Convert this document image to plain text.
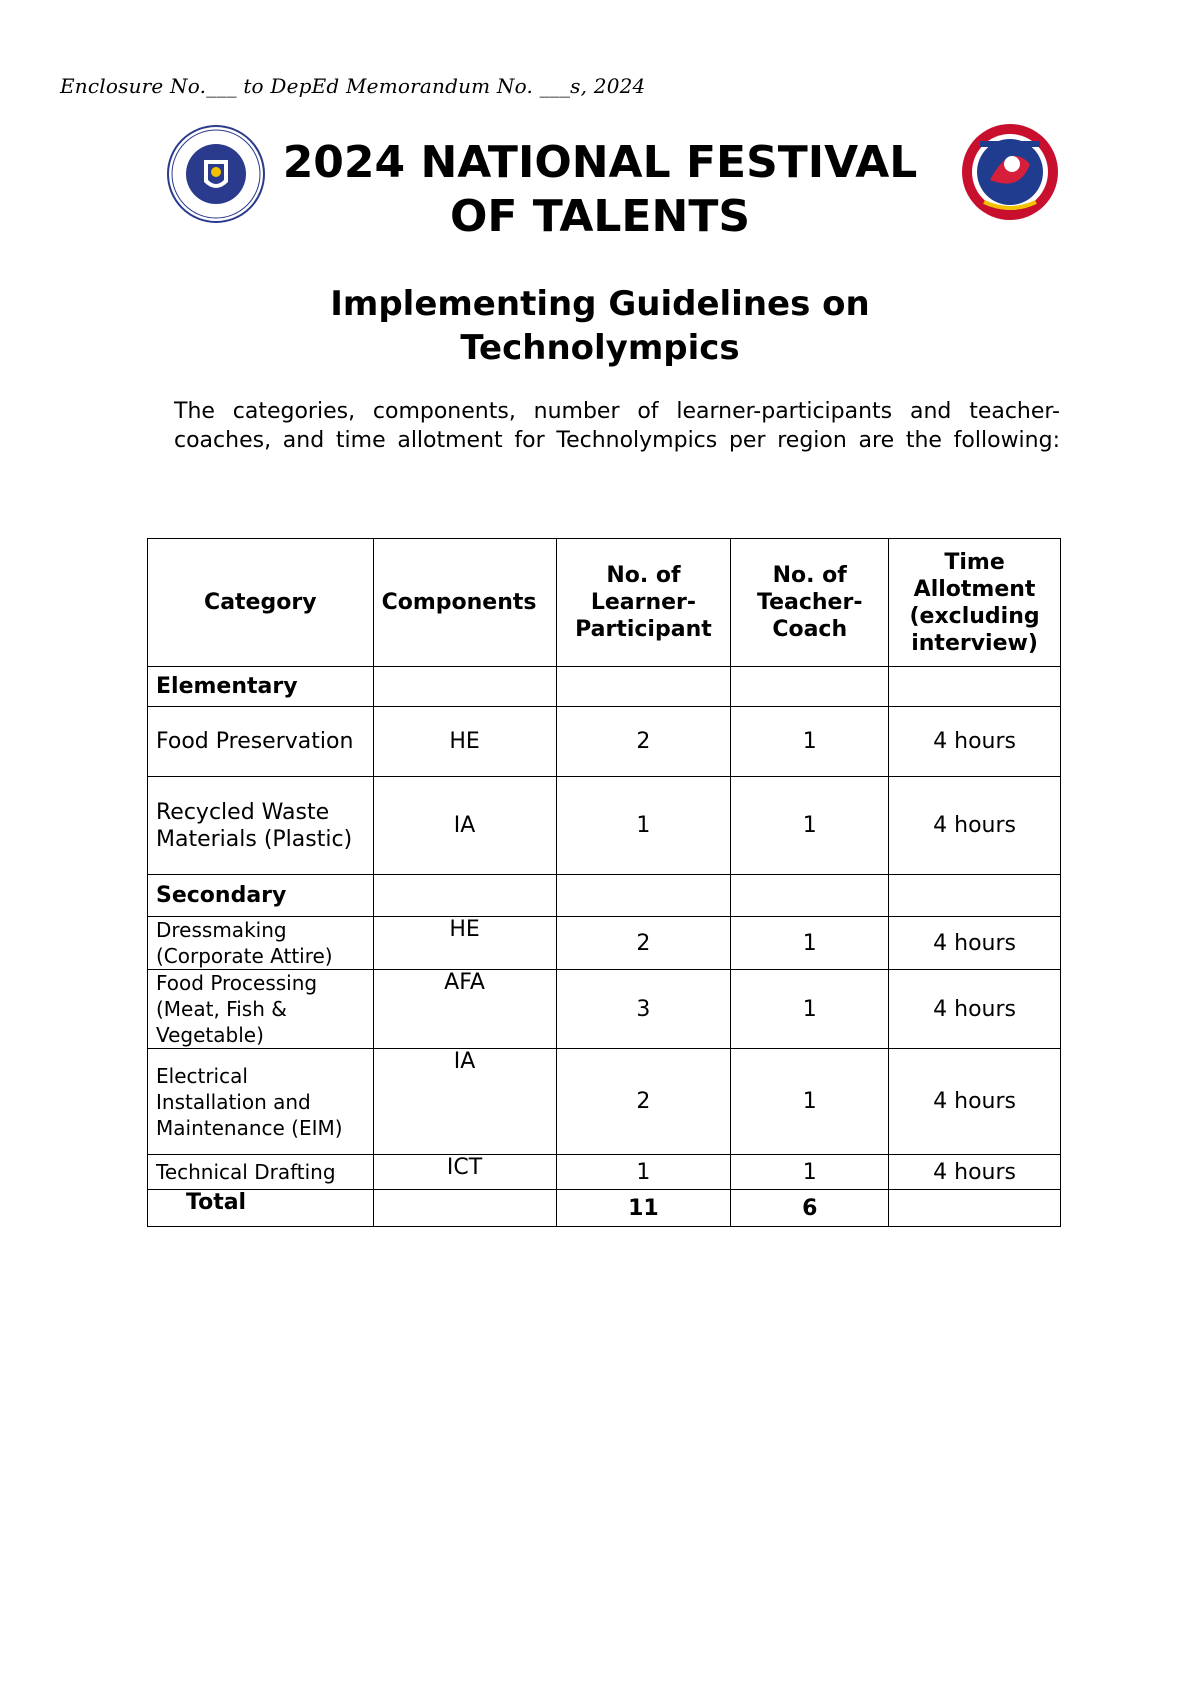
Enclosure No.___ to DepEd Memorandum No. ___s, 2024
2024 NATIONAL FESTIVAL
OF TALENTS
Implementing Guidelines on
Technolympics
The categories, components, number of learner-participants and teacher-coaches, and time allotment for Technolympics per region are the following:
Category	Components	No. of Learner-Participant	No. of Teacher-Coach	Time Allotment (excluding interview)
Elementary				
Food Preservation	HE	2	1	4 hours
Recycled Waste Materials (Plastic)	IA	1	1	4 hours
Secondary				
Dressmaking (Corporate Attire)	HE	2	1	4 hours
Food Processing (Meat, Fish & Vegetable)	AFA	3	1	4 hours
Electrical Installation and Maintenance (EIM)	IA	2	1	4 hours
Technical Drafting	ICT	1	1	4 hours
Total		11	6	
